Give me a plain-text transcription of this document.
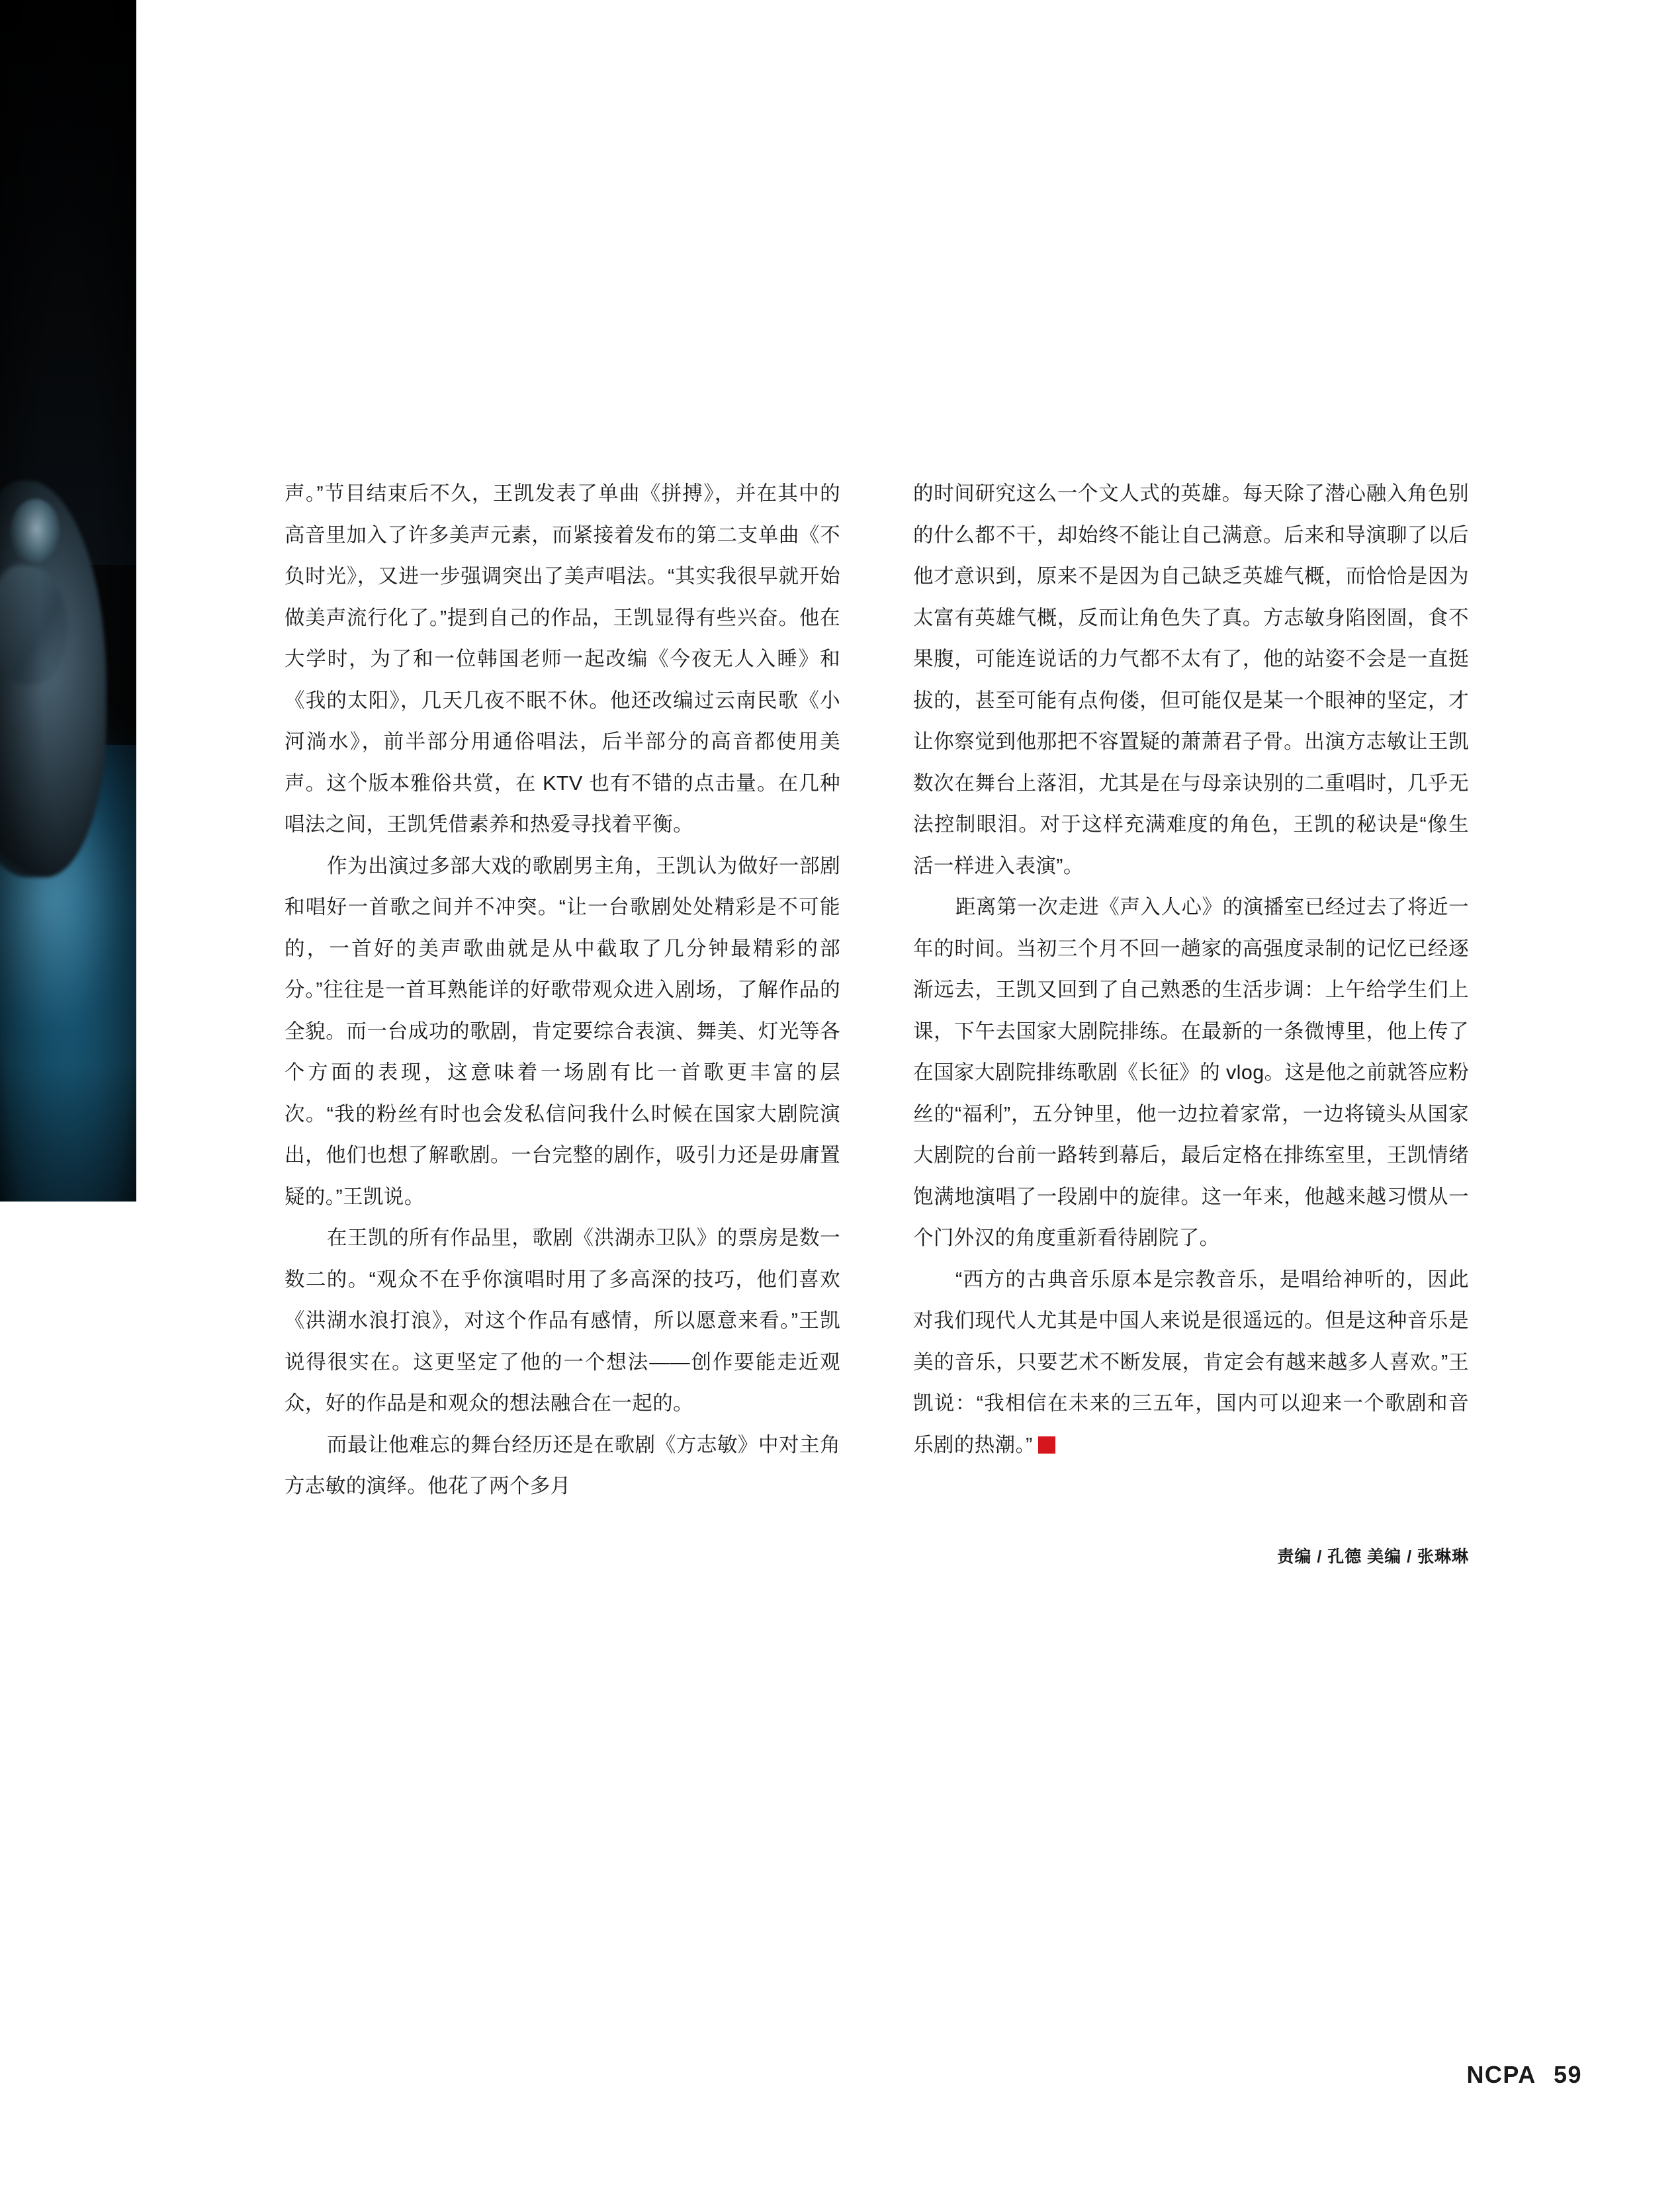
声。”节目结束后不久，王凯发表了单曲《拼搏》，并在其中的高音里加入了许多美声元素，而紧接着发布的第二支单曲《不负时光》，又进一步强调突出了美声唱法。“其实我很早就开始做美声流行化了。”提到自己的作品，王凯显得有些兴奋。他在大学时，为了和一位韩国老师一起改编《今夜无人入睡》和《我的太阳》，几天几夜不眠不休。他还改编过云南民歌《小河淌水》，前半部分用通俗唱法，后半部分的高音都使用美声。这个版本雅俗共赏，在 KTV 也有不错的点击量。在几种唱法之间，王凯凭借素养和热爱寻找着平衡。

作为出演过多部大戏的歌剧男主角，王凯认为做好一部剧和唱好一首歌之间并不冲突。“让一台歌剧处处精彩是不可能的，一首好的美声歌曲就是从中截取了几分钟最精彩的部分。”往往是一首耳熟能详的好歌带观众进入剧场，了解作品的全貌。而一台成功的歌剧，肯定要综合表演、舞美、灯光等各个方面的表现，这意味着一场剧有比一首歌更丰富的层次。“我的粉丝有时也会发私信问我什么时候在国家大剧院演出，他们也想了解歌剧。一台完整的剧作，吸引力还是毋庸置疑的。”王凯说。

在王凯的所有作品里，歌剧《洪湖赤卫队》的票房是数一数二的。“观众不在乎你演唱时用了多高深的技巧，他们喜欢《洪湖水浪打浪》，对这个作品有感情，所以愿意来看。”王凯说得很实在。这更坚定了他的一个想法——创作要能走近观众，好的作品是和观众的想法融合在一起的。

而最让他难忘的舞台经历还是在歌剧《方志敏》中对主角方志敏的演绎。他花了两个多月

的时间研究这么一个文人式的英雄。每天除了潜心融入角色别的什么都不干，却始终不能让自己满意。后来和导演聊了以后他才意识到，原来不是因为自己缺乏英雄气概，而恰恰是因为太富有英雄气概，反而让角色失了真。方志敏身陷囹圄，食不果腹，可能连说话的力气都不太有了，他的站姿不会是一直挺拔的，甚至可能有点佝偻，但可能仅是某一个眼神的坚定，才让你察觉到他那把不容置疑的萧萧君子骨。出演方志敏让王凯数次在舞台上落泪，尤其是在与母亲诀别的二重唱时，几乎无法控制眼泪。对于这样充满难度的角色，王凯的秘诀是“像生活一样进入表演”。

距离第一次走进《声入人心》的演播室已经过去了将近一年的时间。当初三个月不回一趟家的高强度录制的记忆已经逐渐远去，王凯又回到了自己熟悉的生活步调：上午给学生们上课，下午去国家大剧院排练。在最新的一条微博里，他上传了在国家大剧院排练歌剧《长征》的 vlog。这是他之前就答应粉丝的“福利”，五分钟里，他一边拉着家常，一边将镜头从国家大剧院的台前一路转到幕后，最后定格在排练室里，王凯情绪饱满地演唱了一段剧中的旋律。这一年来，他越来越习惯从一个门外汉的角度重新看待剧院了。

“西方的古典音乐原本是宗教音乐，是唱给神听的，因此对我们现代人尤其是中国人来说是很遥远的。但是这种音乐是美的音乐，只要艺术不断发展，肯定会有越来越多人喜欢。”王凯说：“我相信在未来的三五年，国内可以迎来一个歌剧和音乐剧的热潮。”N

责编 / 孔德 美编 / 张琳琳
NCPA 59
